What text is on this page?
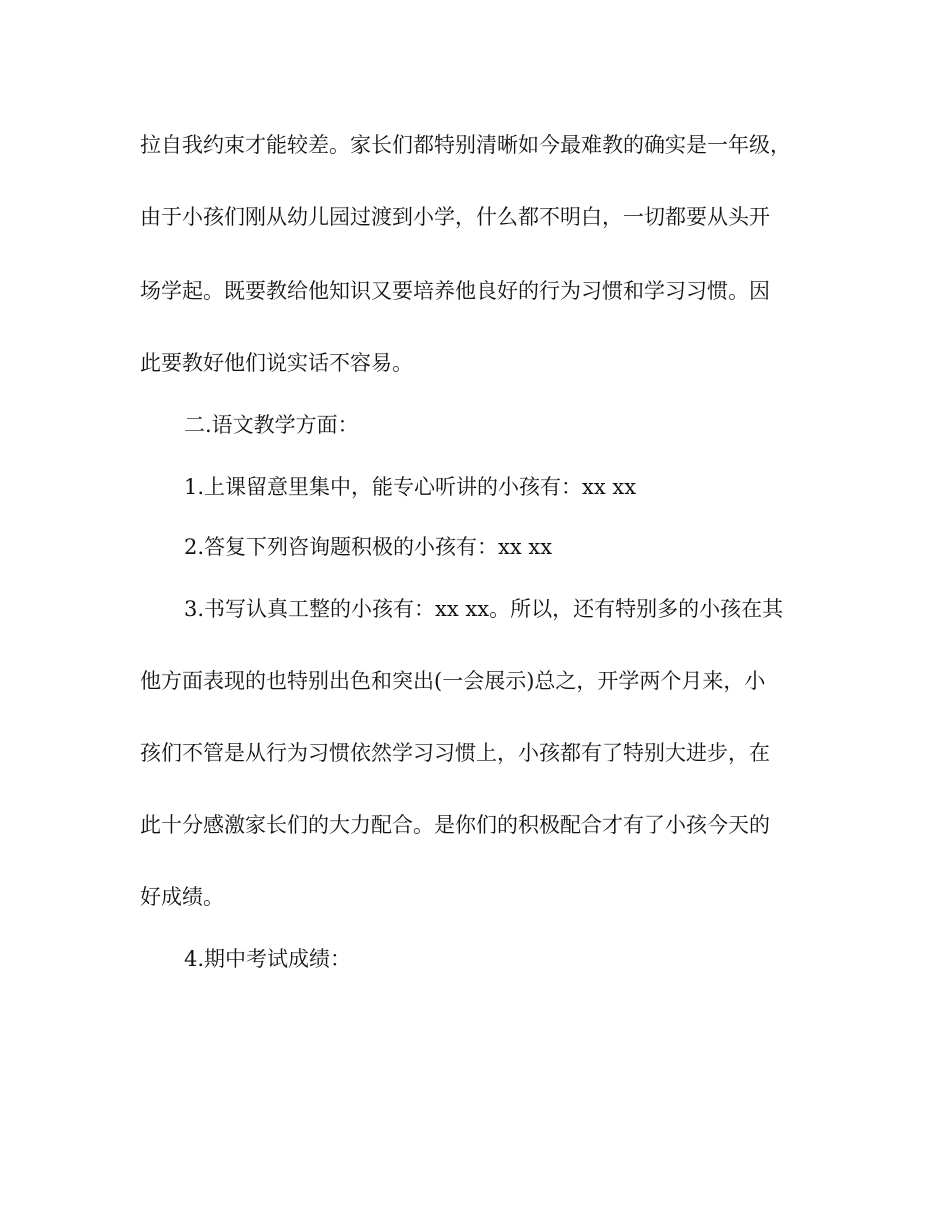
拉自我约束才能较差。家长们都特别清晰如今最难教的确实是一年级，
由于小孩们刚从幼儿园过渡到小学，什么都不明白，一切都要从头开
场学起。既要教给他知识又要培养他良好的行为习惯和学习习惯。因
此要教好他们说实话不容易。
二.语文教学方面：
1.上课留意里集中，能专心听讲的小孩有：xx xx
2.答复下列咨询题积极的小孩有：xx xx
3.书写认真工整的小孩有：xx xx。所以，还有特别多的小孩在其
他方面表现的也特别出色和突出(一会展示)总之，开学两个月来，小
孩们不管是从行为习惯依然学习习惯上，小孩都有了特别大进步，在
此十分感激家长们的大力配合。是你们的积极配合才有了小孩今天的
好成绩。
4.期中考试成绩：
